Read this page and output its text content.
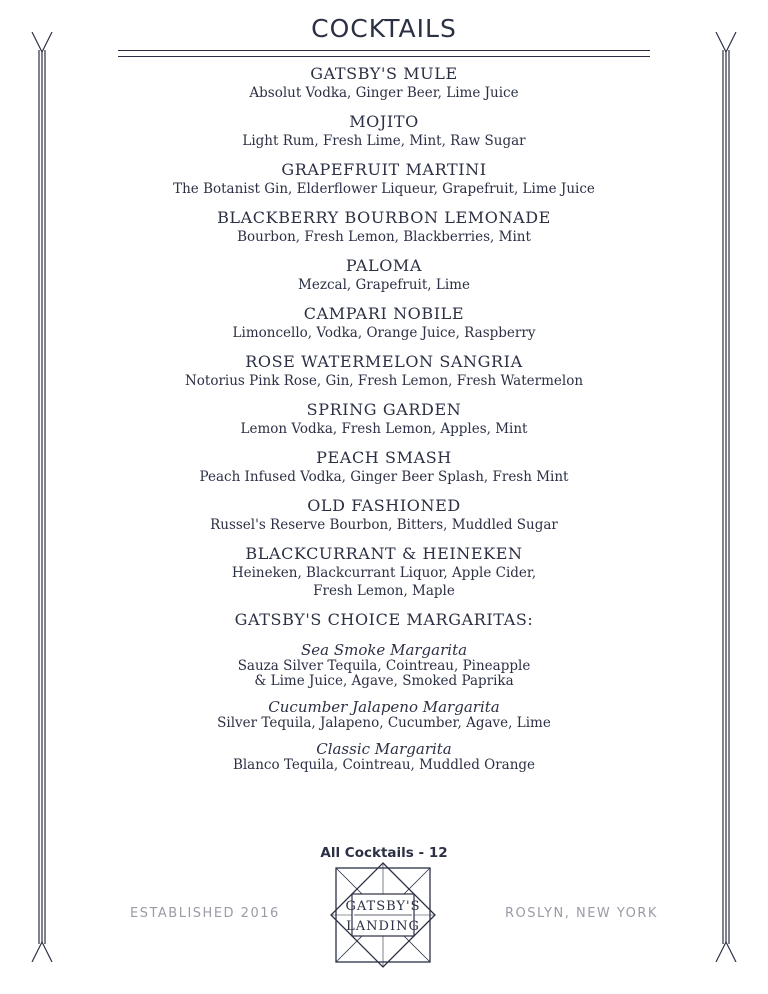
COCKTAILS
GATSBY'S MULE
Absolut Vodka, Ginger Beer, Lime Juice
MOJITO
Light Rum, Fresh Lime, Mint, Raw Sugar
GRAPEFRUIT MARTINI
The Botanist Gin, Elderflower Liqueur, Grapefruit, Lime Juice
BLACKBERRY BOURBON LEMONADE
Bourbon, Fresh Lemon, Blackberries, Mint
PALOMA
Mezcal, Grapefruit, Lime
CAMPARI NOBILE
Limoncello, Vodka, Orange Juice, Raspberry
ROSE WATERMELON SANGRIA
Notorius Pink Rose, Gin, Fresh Lemon, Fresh Watermelon
SPRING GARDEN
Lemon Vodka, Fresh Lemon, Apples, Mint
PEACH SMASH
Peach Infused Vodka, Ginger Beer Splash, Fresh Mint
OLD FASHIONED
Russel's Reserve Bourbon, Bitters, Muddled Sugar
BLACKCURRANT & HEINEKEN
Heineken, Blackcurrant Liquor, Apple Cider,
Fresh Lemon, Maple
GATSBY'S CHOICE MARGARITAS:
Sea Smoke Margarita
Sauza Silver Tequila, Cointreau, Pineapple
& Lime Juice, Agave, Smoked Paprika
Cucumber Jalapeno Margarita
Silver Tequila, Jalapeno, Cucumber, Agave, Lime
Classic Margarita
Blanco Tequila, Cointreau, Muddled Orange
All Cocktails - 12
ESTABLISHED 2016	ROSLYN, NEW YORK
GATSBY'S
LANDING
